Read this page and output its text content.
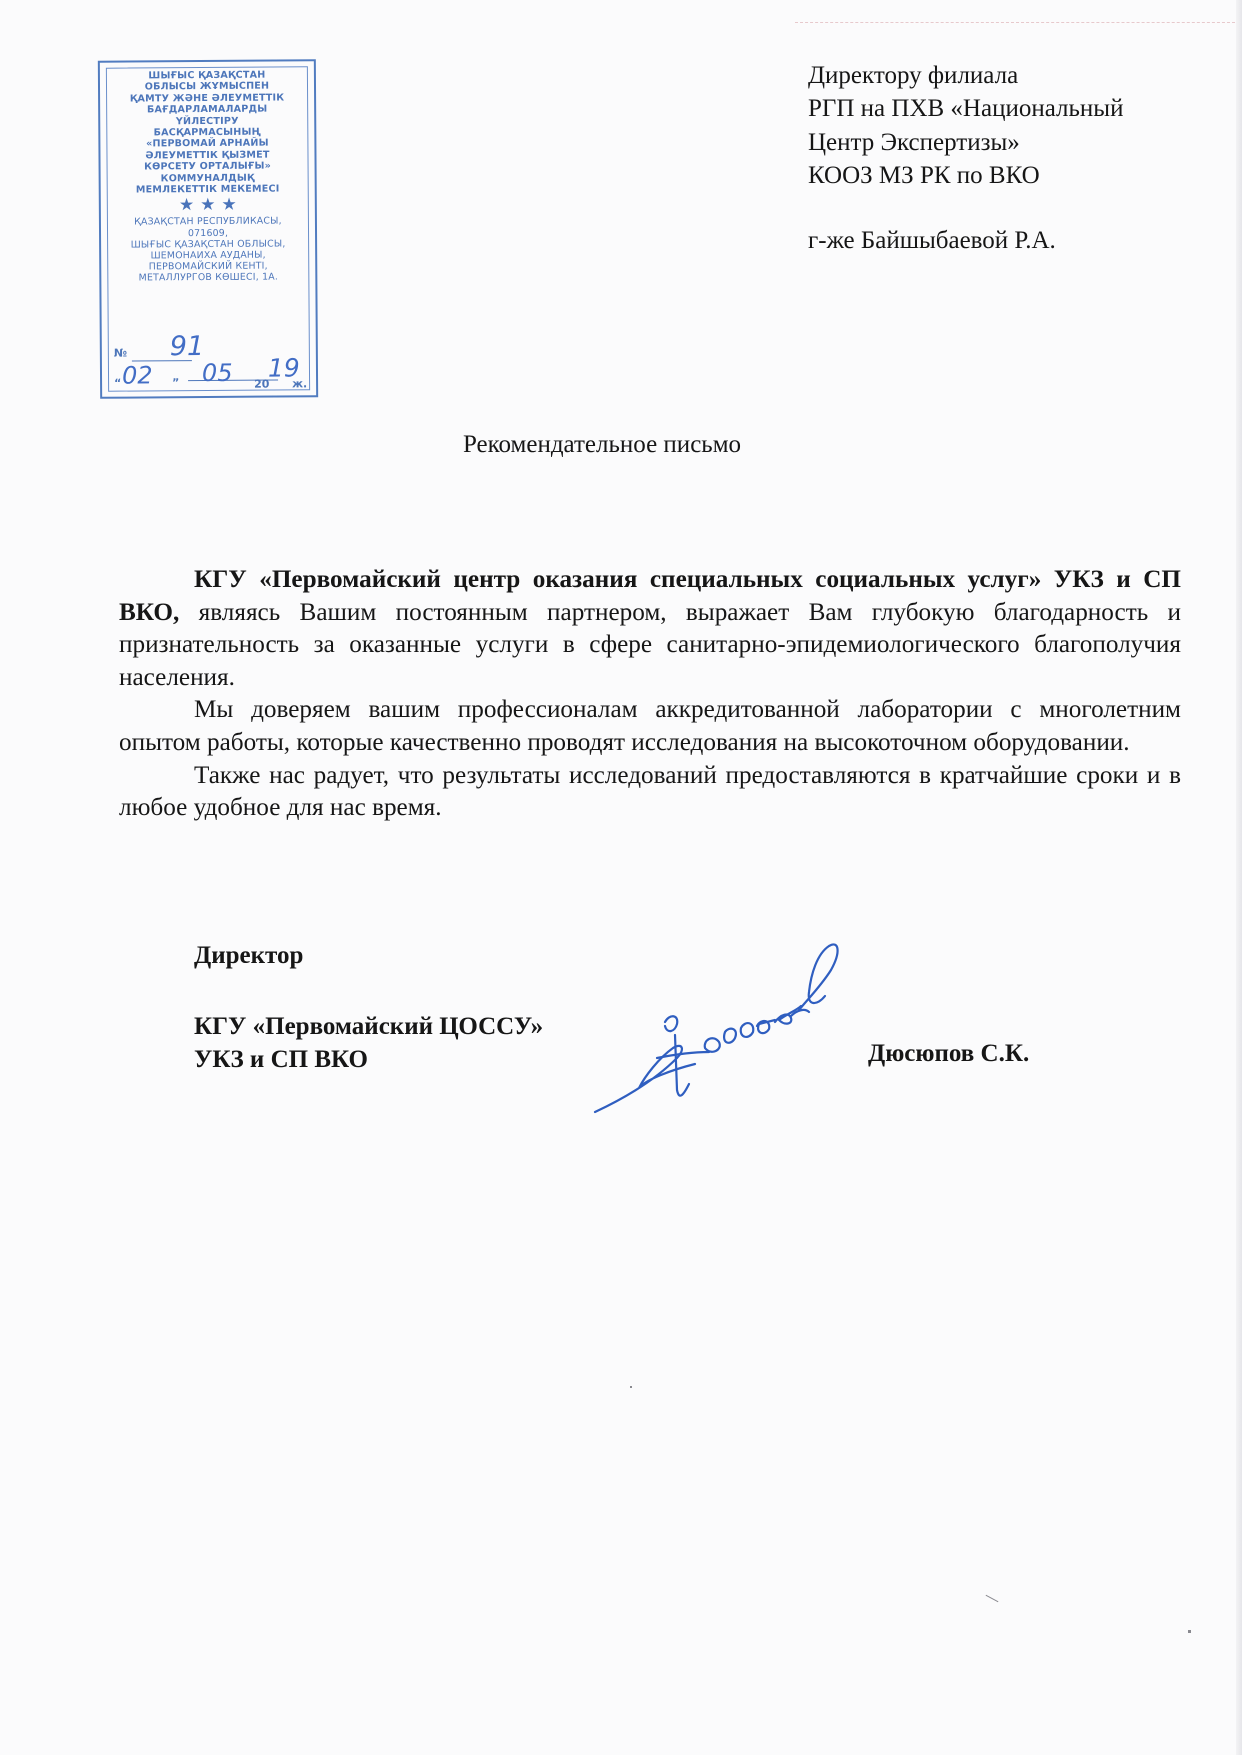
ШЫҒЫС ҚАЗАҚСТАН
ОБЛЫСЫ ЖҰМЫСПЕН
ҚАМТУ ЖӘНЕ ӘЛЕУМЕТТІК
БАҒДАРЛАМАЛАРДЫ
ҮЙЛЕСТІРУ
БАСҚАРМАСЫНЫҢ
«ПЕРВОМАЙ АРНАЙЫ
ӘЛЕУМЕТТІК ҚЫЗМЕТ
КӨРСЕТУ ОРТАЛЫҒЫ»
КОММУНАЛДЫҚ
МЕМЛЕКЕТТІК МЕКЕМЕСІ
★★★
ҚАЗАҚСТАН РЕСПУБЛИКАСЫ,
071609,
ШЫҒЫС ҚАЗАҚСТАН ОБЛЫСЫ,
ШЕМОНАИХА АУДАНЫ,
ПЕРВОМАЙСКИЙ КЕНТІ,
МЕТАЛЛУРГОВ КӨШЕСІ, 1А.
№ 91
“ 02 ” 05 20
19
ж.
Директору филиала
РГП на ПХВ «Национальный
Центр Экспертизы»
КООЗ МЗ РК по ВКО
г-же Байшыбаевой Р.А.
Рекомендательное письмо

КГУ «Первомайский центр оказания специальных социальных услуг» УКЗ и СП ВКО, являясь Вашим постоянным партнером, выражает Вам глубокую благодарность и признательность за оказанные услуги в сфере санитарно-эпидемиологического благополучия населения.

Мы доверяем вашим профессионалам аккредитованной лаборатории с многолетним опытом работы, которые качественно проводят исследования на высокоточном оборудовании.

Также нас радует, что результаты исследований предоставляются в кратчайшие сроки и в любое удобное для нас время.

Директор
КГУ «Первомайский ЦОССУ»
УКЗ и СП ВКО	Дюсюпов С.К.
